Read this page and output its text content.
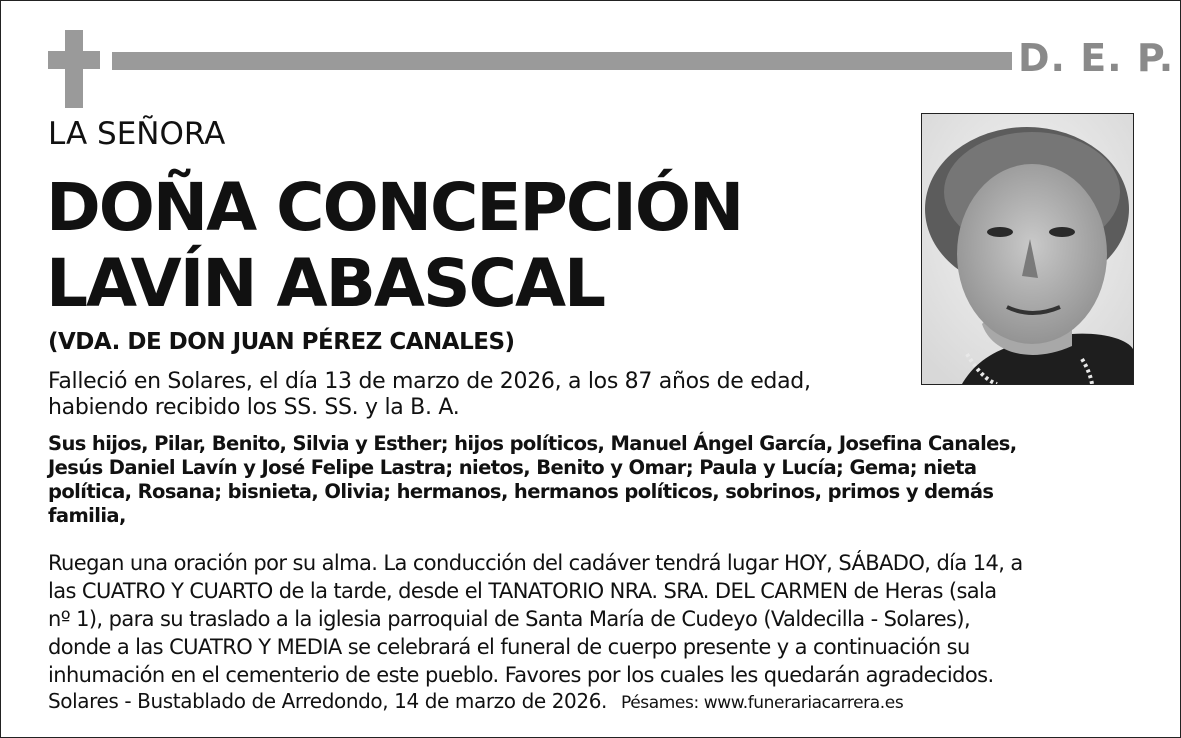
D. E. P.
LA SEÑORA
DOÑA CONCEPCIÓN
LAVÍN ABASCAL
(VDA. DE DON JUAN PÉREZ CANALES)
Falleció en Solares, el día 13 de marzo de 2026, a los 87 años de edad,
habiendo recibido los SS. SS. y la B. A.
Sus hijos, Pilar, Benito, Silvia y Esther; hijos políticos, Manuel Ángel García, Josefina Canales,
Jesús Daniel Lavín y José Felipe Lastra; nietos, Benito y Omar; Paula y Lucía; Gema; nieta
política, Rosana; bisnieta, Olivia; hermanos, hermanos políticos, sobrinos, primos y demás
familia,
Ruegan una oración por su alma. La conducción del cadáver tendrá lugar HOY, SÁBADO, día 14, a
las CUATRO Y CUARTO de la tarde, desde el TANATORIO NRA. SRA. DEL CARMEN de Heras (sala
nº 1), para su traslado a la iglesia parroquial de Santa María de Cudeyo (Valdecilla - Solares),
donde a las CUATRO Y MEDIA se celebrará el funeral de cuerpo presente y a continuación su
inhumación en el cementerio de este pueblo. Favores por los cuales les quedarán agradecidos.
Solares - Bustablado de Arredondo, 14 de marzo de 2026. Pésames: www.funerariacarrera.es
